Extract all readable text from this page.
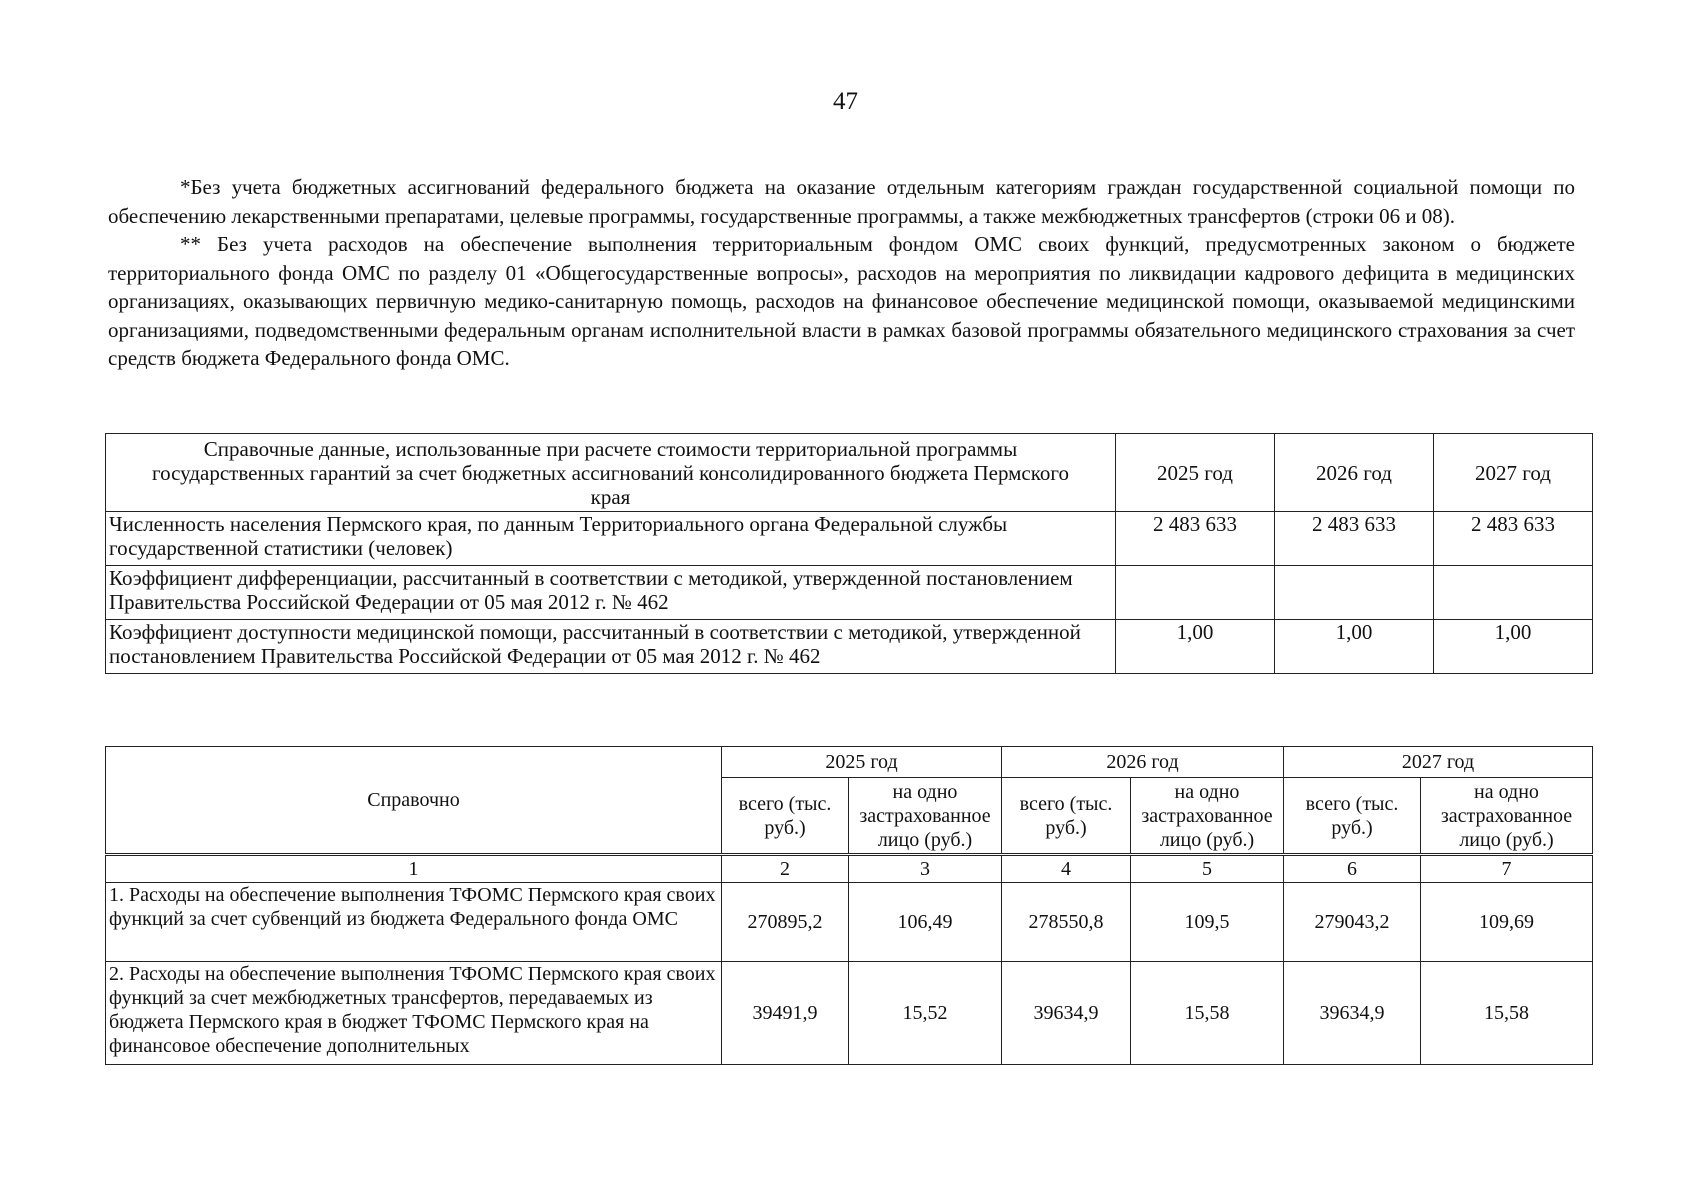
47

*Без учета бюджетных ассигнований федерального бюджета на оказание отдельным категориям граждан государственной социальной помощи по обеспечению лекарственными препаратами, целевые программы, государственные программы, а также межбюджетных трансфертов (строки 06 и 08).

** Без учета расходов на обеспечение выполнения территориальным фондом ОМС своих функций, предусмотренных законом о бюджете территориального фонда ОМС по разделу 01 «Общегосударственные вопросы», расходов на мероприятия по ликвидации кадрового дефицита в медицинских организациях, оказывающих первичную медико-санитарную помощь, расходов на финансовое обеспечение медицинской помощи, оказываемой медицинскими организациями, подведомственными федеральным органам исполнительной власти в рамках базовой программы обязательного медицинского страхования за счет средств бюджета Федерального фонда ОМС.

Справочные данные, использованные при расчете стоимости территориальной программы государственных гарантий за счет бюджетных ассигнований консолидированного бюджета Пермского края	2025 год	2026 год	2027 год
Численность населения Пермского края, по данным Территориального органа Федеральной службы государственной статистики (человек)	2 483 633	2 483 633	2 483 633
Коэффициент дифференциации, рассчитанный в соответствии с методикой, утвержденной постановлением Правительства Российской Федерации от 05 мая 2012 г. № 462			
Коэффициент доступности медицинской помощи, рассчитанный в соответствии с методикой, утвержденной постановлением Правительства Российской Федерации от 05 мая 2012 г. № 462	1,00	1,00	1,00
Справочно	2025 год		2026 год		2027 год	
	всего (тыс. руб.)	на одно застрахованное лицо (руб.)	всего (тыс. руб.)	на одно застрахованное лицо (руб.)	всего (тыс. руб.)	на одно застрахованное лицо (руб.)
1	2	3	4	5	6	7
1. Расходы на обеспечение выполнения ТФОМС Пермского края своих функций за счет субвенций из бюджета Федерального фонда ОМС	270895,2	106,49	278550,8	109,5	279043,2	109,69
2. Расходы на обеспечение выполнения ТФОМС Пермского края своих функций за счет межбюджетных трансфертов, передаваемых из бюджета Пермского края в бюджет ТФОМС Пермского края на финансовое обеспечение дополнительных	39491,9	15,52	39634,9	15,58	39634,9	15,58
